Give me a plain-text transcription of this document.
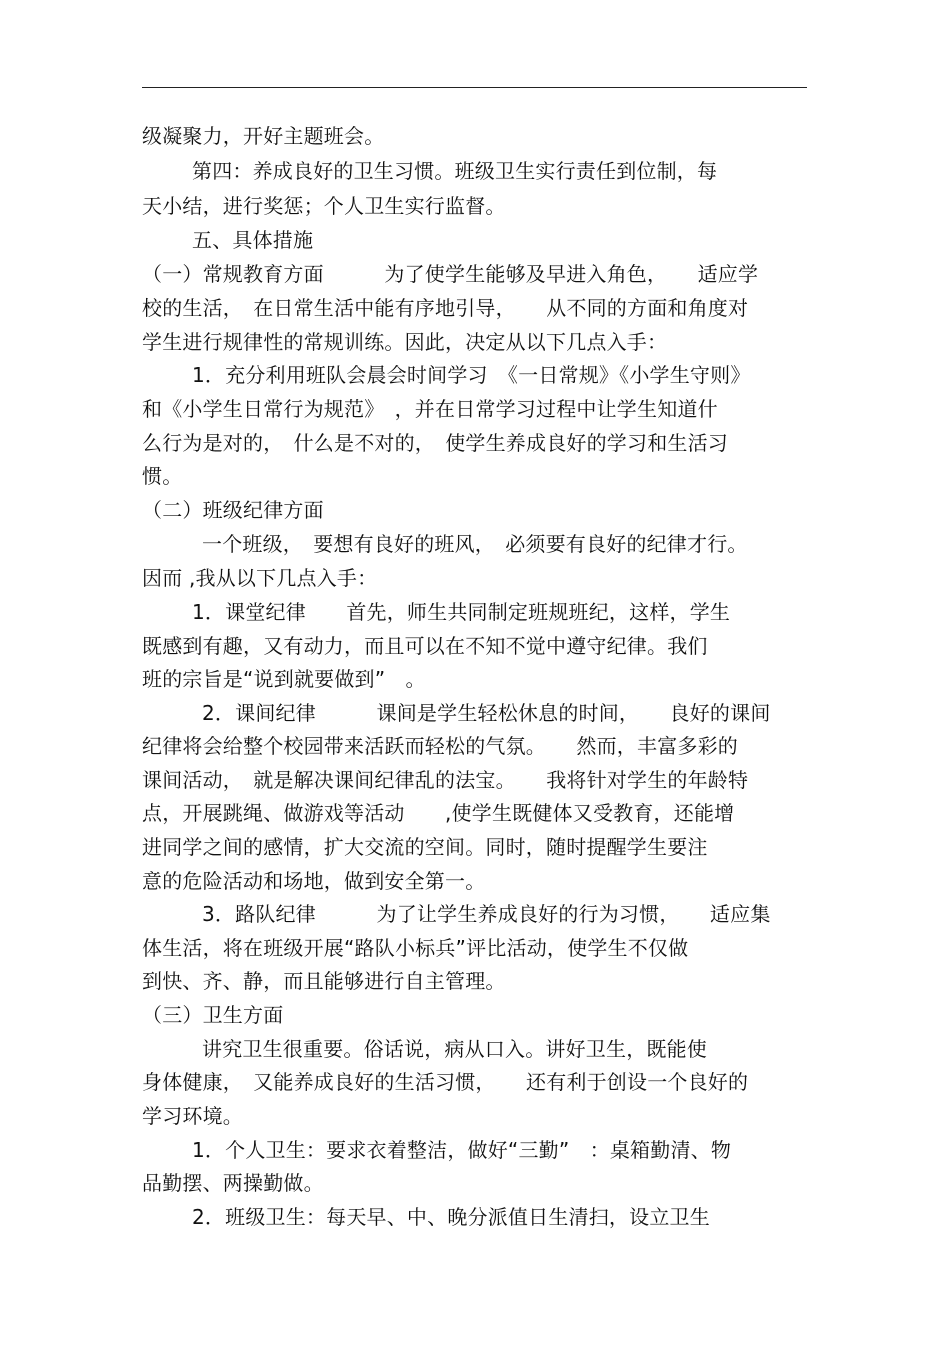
级凝聚力，开好主题班会。
第四：养成良好的卫生习惯。班级卫生实行责任到位制，每
天小结，进行奖惩；个人卫生实行监督。
五、具体措施
（一）常规教育方面　　　为了使学生能够及早进入角色，　　适应学
校的生活，　在日常生活中能有序地引导，　　从不同的方面和角度对
学生进行规律性的常规训练。因此，决定从以下几点入手：
1．充分利用班队会晨会时间学习　《一日常规》《小学生守则》
和《小学生日常行为规范》　，并在日常学习过程中让学生知道什
么行为是对的，　什么是不对的，　使学生养成良好的学习和生活习
惯。
（二）班级纪律方面
一个班级，　要想有良好的班风，　必须要有良好的纪律才行。
因而 ,我从以下几点入手：
1．课堂纪律　　首先，师生共同制定班规班纪，这样，学生
既感到有趣，又有动力，而且可以在不知不觉中遵守纪律。我们
班的宗旨是“说到就要做到”　。
2．课间纪律　　　课间是学生轻松休息的时间，　　良好的课间
纪律将会给整个校园带来活跃而轻松的气氛。　　然而，丰富多彩的
课间活动，　就是解决课间纪律乱的法宝。　　我将针对学生的年龄特
点，开展跳绳、做游戏等活动　　,使学生既健体又受教育，还能增
进同学之间的感情，扩大交流的空间。同时，随时提醒学生要注
意的危险活动和场地，做到安全第一。
3．路队纪律　　　为了让学生养成良好的行为习惯，　　适应集
体生活，将在班级开展“路队小标兵”评比活动，使学生不仅做
到快、齐、静，而且能够进行自主管理。
（三）卫生方面
讲究卫生很重要。俗话说，病从口入。讲好卫生，既能使
身体健康，　又能养成良好的生活习惯，　　还有利于创设一个良好的
学习环境。
1．个人卫生：要求衣着整洁，做好“三勤”　：桌箱勤清、物
品勤摆、两操勤做。
2．班级卫生：每天早、中、晚分派值日生清扫，设立卫生
